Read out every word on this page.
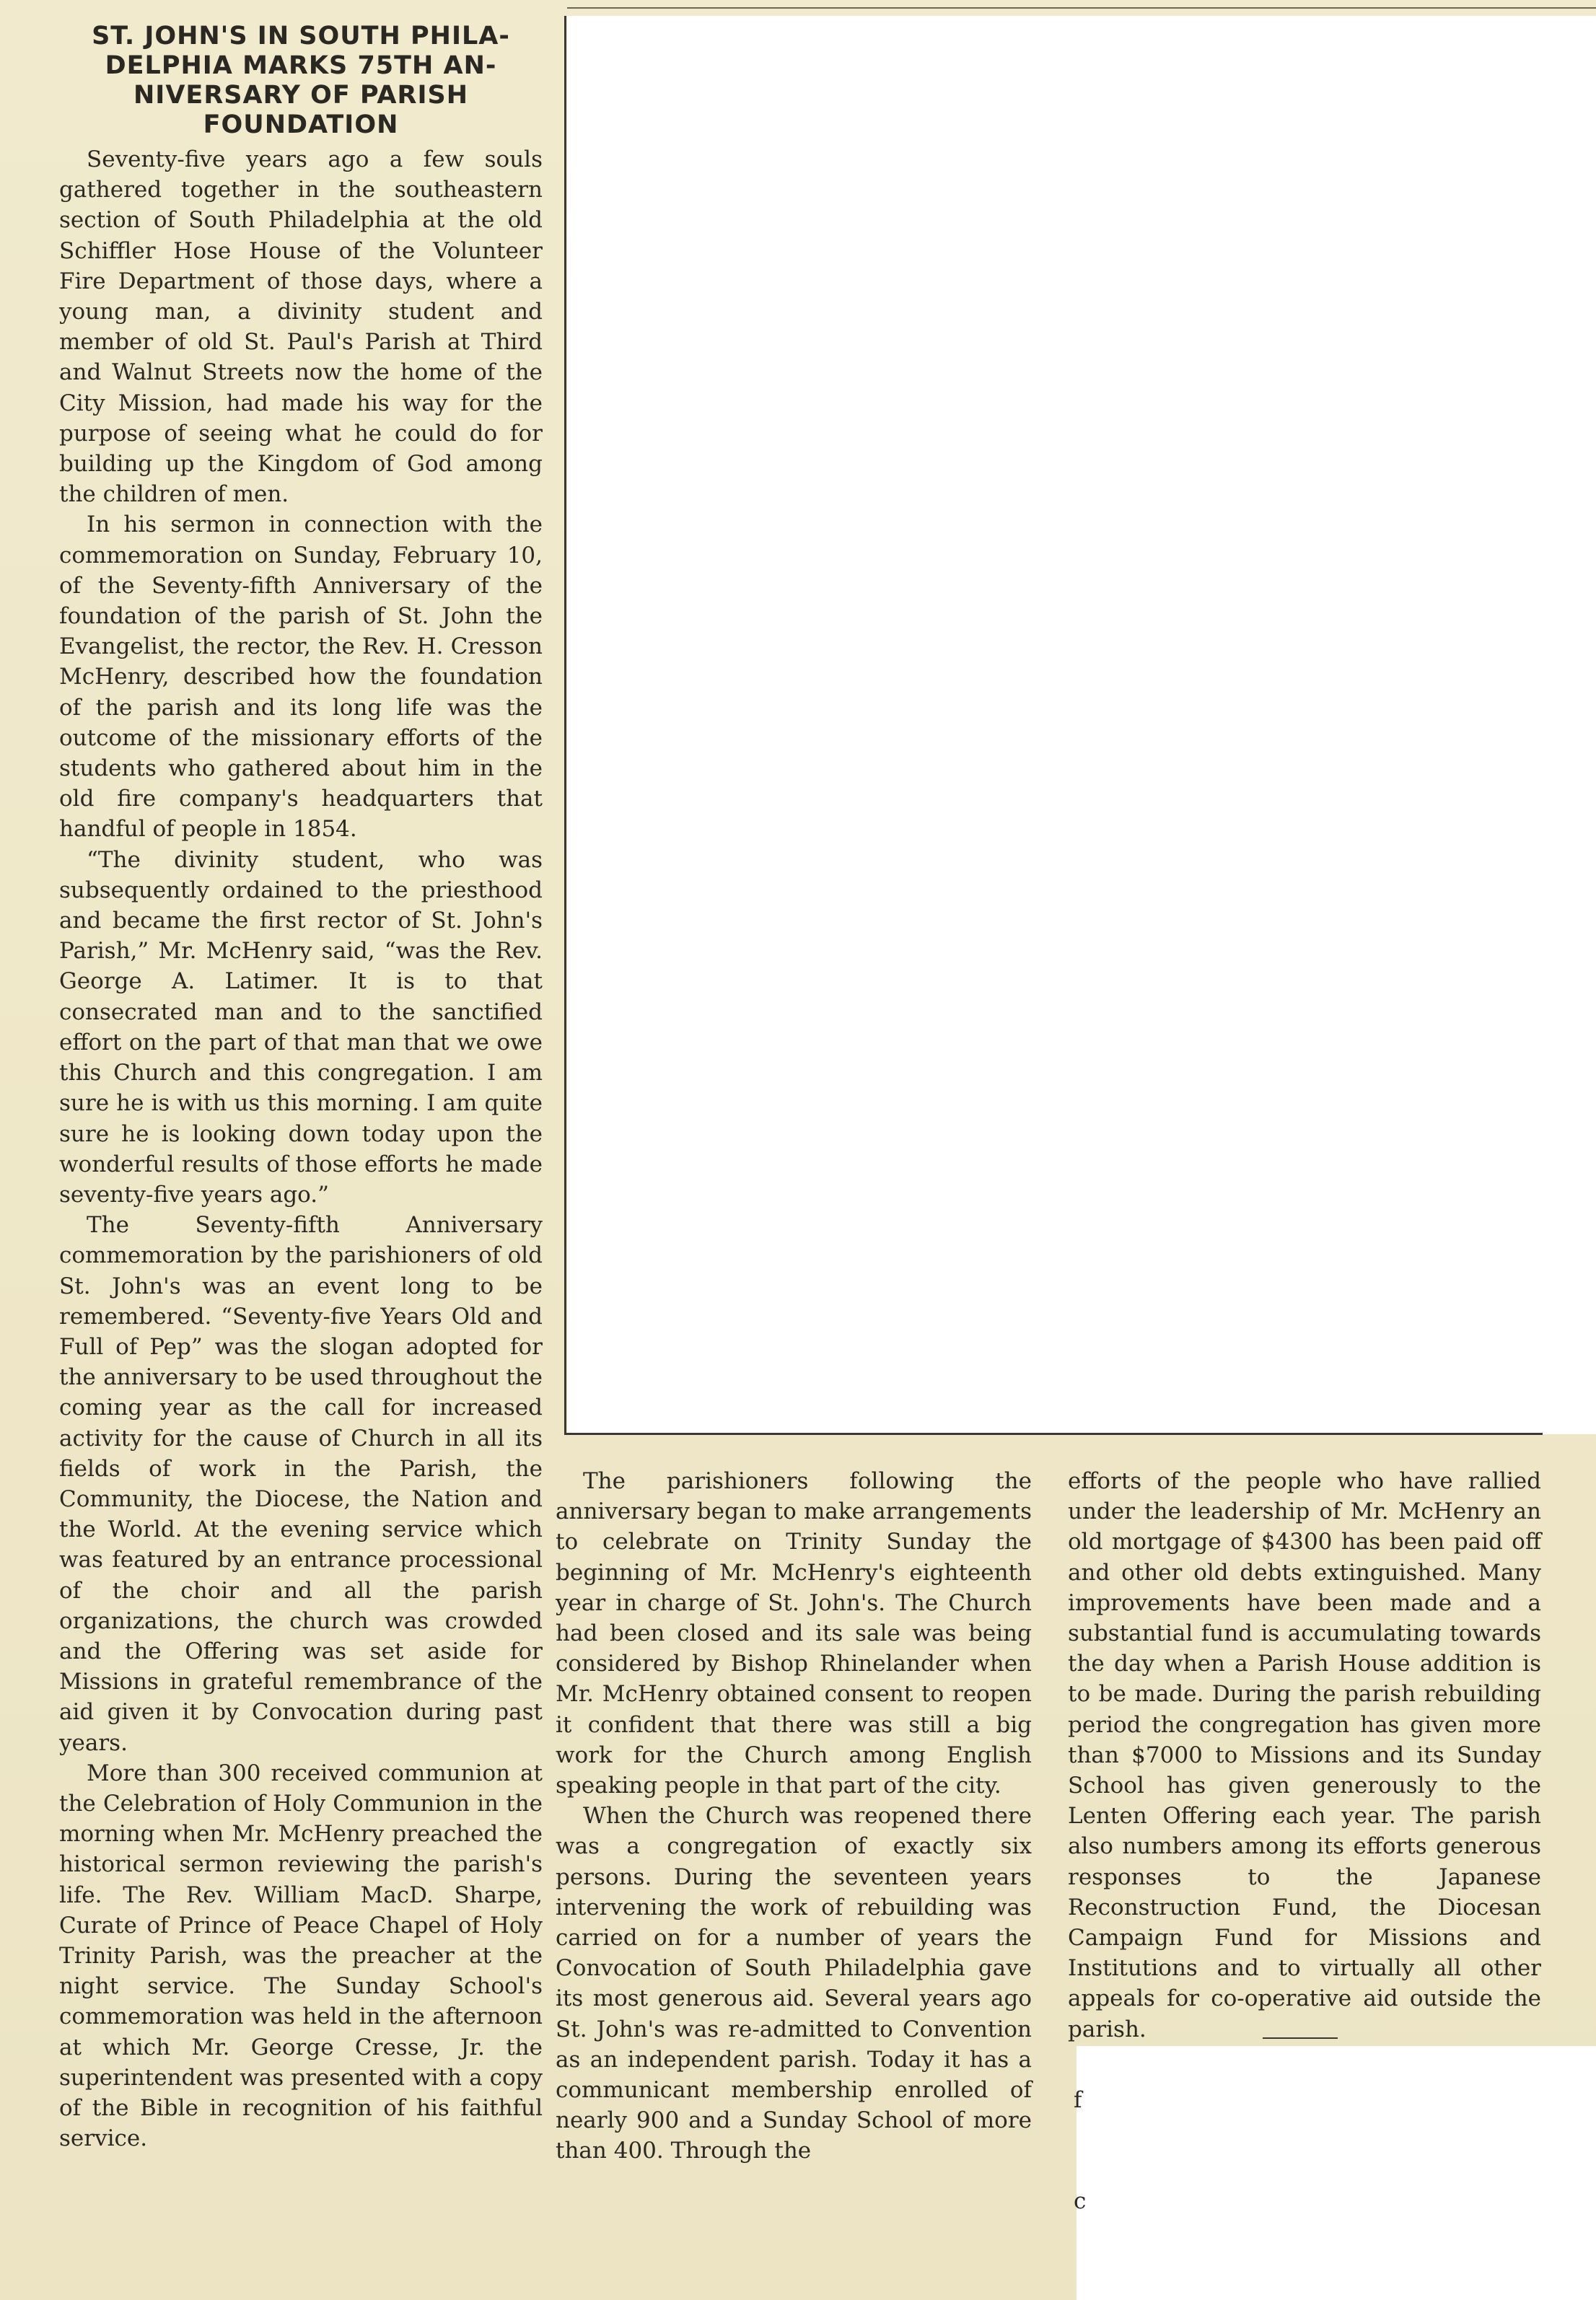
ST. JOHN'S IN SOUTH PHILA-DELPHIA MARKS 75TH AN-NIVERSARY OF PARISH FOUNDATION

Seventy-five years ago a few souls gathered together in the southeastern section of South Philadelphia at the old Schiffler Hose House of the Volunteer Fire Department of those days, where a young man, a divinity student and member of old St. Paul's Parish at Third and Walnut Streets now the home of the City Mission, had made his way for the purpose of seeing what he could do for building up the Kingdom of God among the children of men.

In his sermon in connection with the commemoration on Sunday, February 10, of the Seventy-fifth Anniversary of the foundation of the parish of St. John the Evangelist, the rector, the Rev. H. Cresson McHenry, described how the foundation of the parish and its long life was the outcome of the missionary efforts of the students who gathered about him in the old fire company's headquarters that handful of people in 1854.

“The divinity student, who was subsequently ordained to the priesthood and became the first rector of St. John's Parish,” Mr. McHenry said, “was the Rev. George A. Latimer. It is to that consecrated man and to the sanctified effort on the part of that man that we owe this Church and this congregation. I am sure he is with us this morning. I am quite sure he is looking down today upon the wonderful results of those efforts he made seventy-five years ago.”

The Seventy-fifth Anniversary commemoration by the parishioners of old St. John's was an event long to be remembered. “Seventy-five Years Old and Full of Pep” was the slogan adopted for the anniversary to be used throughout the coming year as the call for increased activity for the cause of Church in all its fields of work in the Parish, the Community, the Diocese, the Nation and the World. At the evening service which was featured by an entrance processional of the choir and all the parish organizations, the church was crowded and the Offering was set aside for Missions in grateful remembrance of the aid given it by Convocation during past years.

More than 300 received communion at the Celebration of Holy Communion in the morning when Mr. McHenry preached the historical sermon reviewing the parish's life. The Rev. William MacD. Sharpe, Curate of Prince of Peace Chapel of Holy Trinity Parish, was the preacher at the night service. The Sunday School's commemoration was held in the afternoon at which Mr. George Cresse, Jr. the superintendent was presented with a copy of the Bible in recognition of his faithful service.

The parishioners following the anniversary began to make arrangements to celebrate on Trinity Sunday the beginning of Mr. McHenry's eighteenth year in charge of St. John's. The Church had been closed and its sale was being considered by Bishop Rhinelander when Mr. McHenry obtained consent to reopen it confident that there was still a big work for the Church among English speaking people in that part of the city.

When the Church was reopened there was a congregation of exactly six persons. During the seventeen years intervening the work of rebuilding was carried on for a number of years the Convocation of South Philadelphia gave its most generous aid. Several years ago St. John's was re-admitted to Convention as an independent parish. Today it has a communicant membership enrolled of nearly 900 and a Sunday School of more than 400. Through the

efforts of the people who have rallied under the leadership of Mr. McHenry an old mortgage of $4300 has been paid off and other old debts extinguished. Many improvements have been made and a substantial fund is accumulating towards the day when a Parish House addition is to be made. During the parish rebuilding period the congregation has given more than $7000 to Missions and its Sunday School has given generously to the Lenten Offering each year. The parish also numbers among its efforts generous responses to the Japanese Reconstruction Fund, the Diocesan Campaign Fund for Missions and Institutions and to virtually all other appeals for co-operative aid outside the parish.

f
c
